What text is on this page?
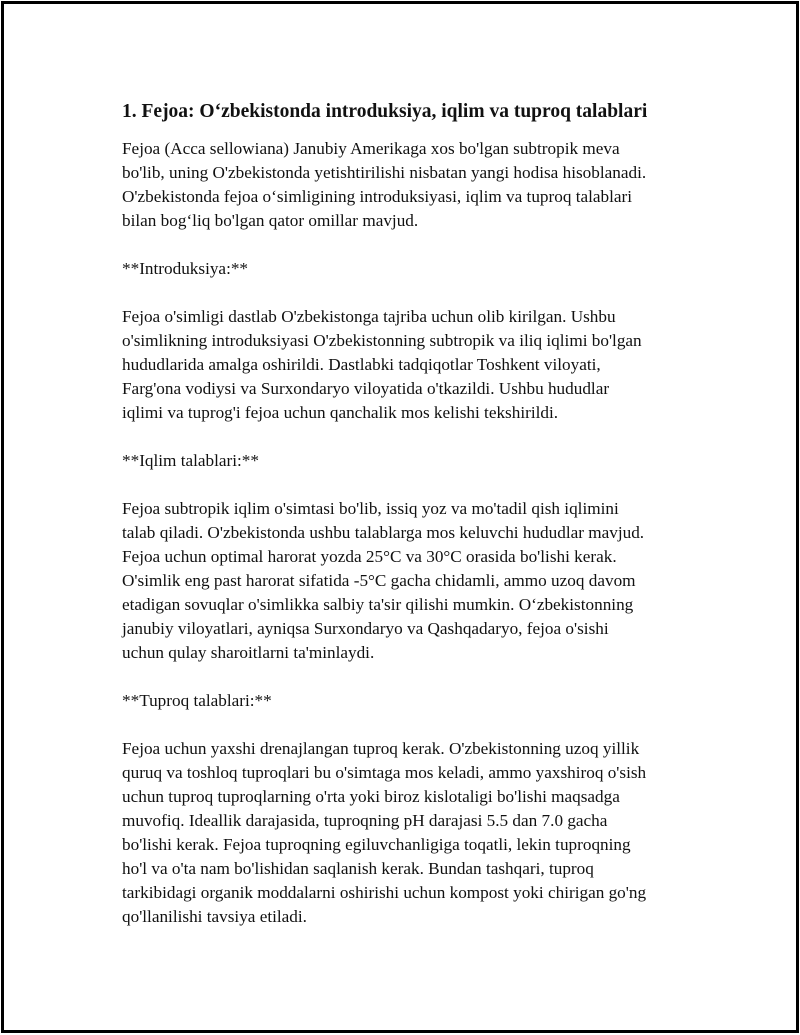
1. Fejoa: O‘zbekistonda introduksiya, iqlim va tuproq talablari

Fejoa (Acca sellowiana) Janubiy Amerikaga xos bo'lgan subtropik meva
bo'lib, uning O'zbekistonda yetishtirilishi nisbatan yangi hodisa hisoblanadi.
O'zbekistonda fejoa o‘simligining introduksiyasi, iqlim va tuproq talablari
bilan bog‘liq bo'lgan qator omillar mavjud.

**Introduksiya:**

Fejoa o'simligi dastlab O'zbekistonga tajriba uchun olib kirilgan. Ushbu
o'simlikning introduksiyasi O'zbekistonning subtropik va iliq iqlimi bo'lgan
hududlarida amalga oshirildi. Dastlabki tadqiqotlar Toshkent viloyati,
Farg'ona vodiysi va Surxondaryo viloyatida o'tkazildi. Ushbu hududlar
iqlimi va tuprog'i fejoa uchun qanchalik mos kelishi tekshirildi.

**Iqlim talablari:**

Fejoa subtropik iqlim o'simtasi bo'lib, issiq yoz va mo'tadil qish iqlimini
talab qiladi. O'zbekistonda ushbu talablarga mos keluvchi hududlar mavjud.
Fejoa uchun optimal harorat yozda 25°C va 30°C orasida bo'lishi kerak.
O'simlik eng past harorat sifatida -5°C gacha chidamli, ammo uzoq davom
etadigan sovuqlar o'simlikka salbiy ta'sir qilishi mumkin. O‘zbekistonning
janubiy viloyatlari, ayniqsa Surxondaryo va Qashqadaryo, fejoa o'sishi
uchun qulay sharoitlarni ta'minlaydi.

**Tuproq talablari:**

Fejoa uchun yaxshi drenajlangan tuproq kerak. O'zbekistonning uzoq yillik
quruq va toshloq tuproqlari bu o'simtaga mos keladi, ammo yaxshiroq o'sish
uchun tuproq tuproqlarning o'rta yoki biroz kislotaligi bo'lishi maqsadga
muvofiq. Ideallik darajasida, tuproqning pH darajasi 5.5 dan 7.0 gacha
bo'lishi kerak. Fejoa tuproqning egiluvchanligiga toqatli, lekin tuproqning
ho'l va o'ta nam bo'lishidan saqlanish kerak. Bundan tashqari, tuproq
tarkibidagi organik moddalarni oshirishi uchun kompost yoki chirigan go'ng
qo'llanilishi tavsiya etiladi.
